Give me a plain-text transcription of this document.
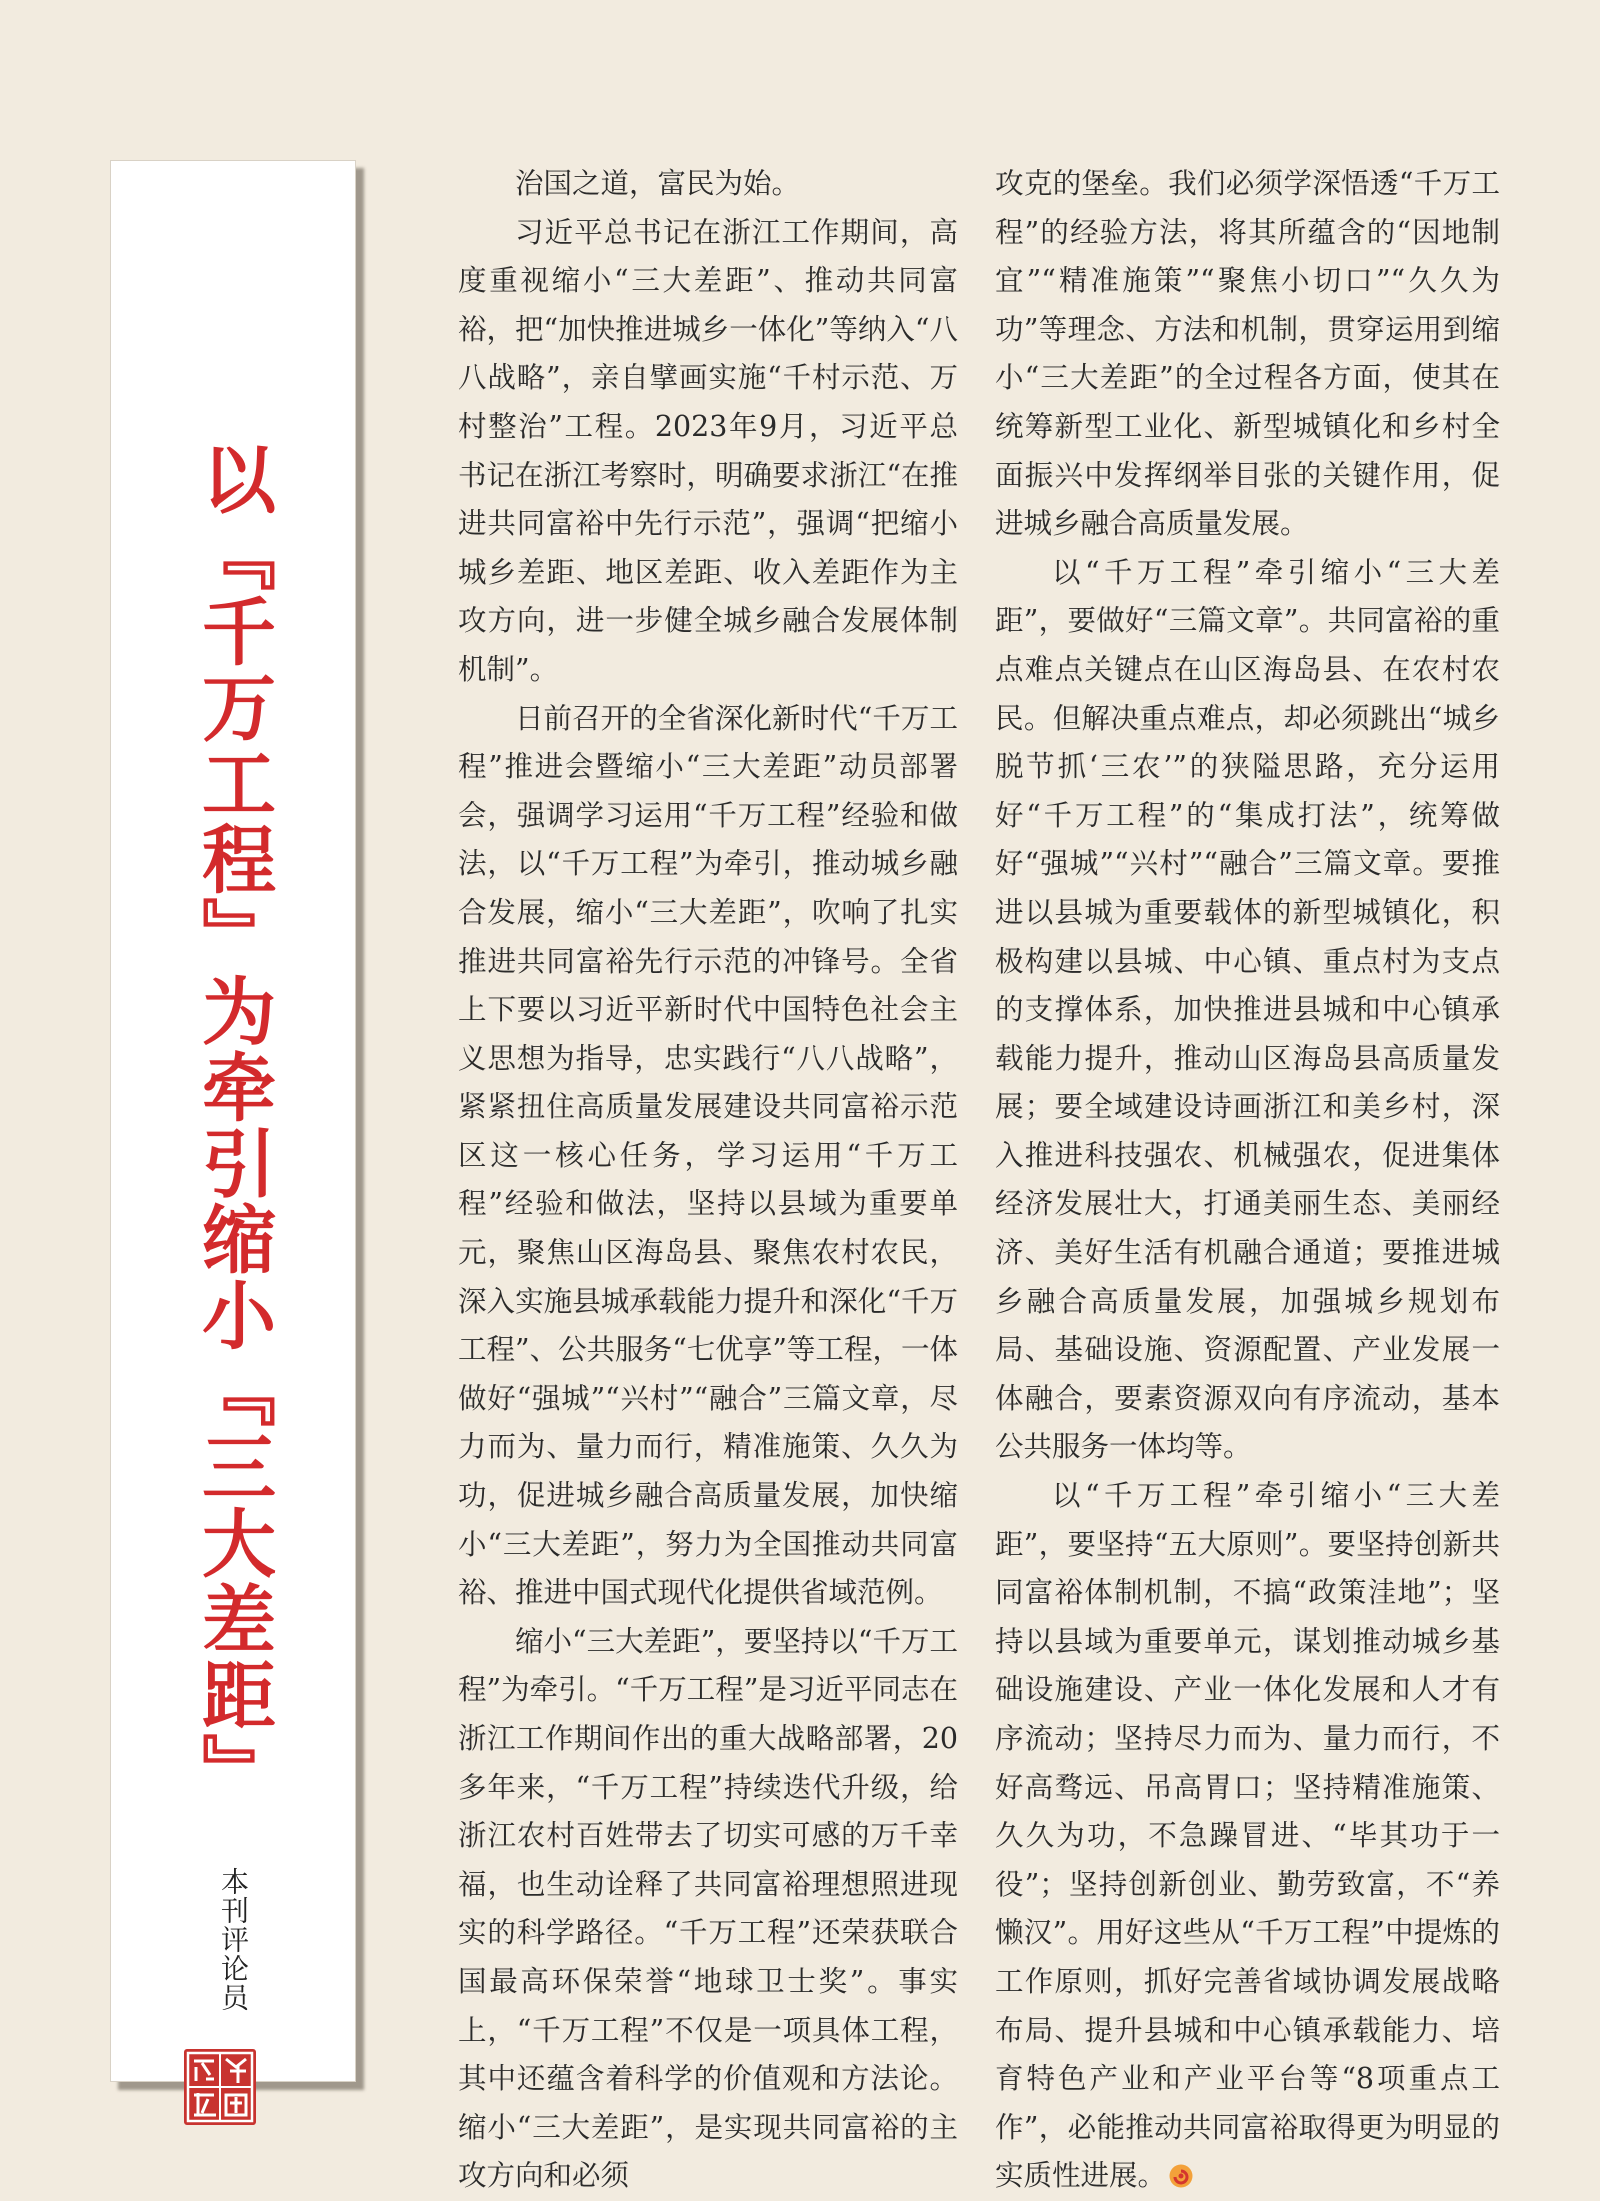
以『千万工程』为牵引缩小『三大差距』
本刊评论员

治国之道，富民为始。

习近平总书记在浙江工作期间，高度重视缩小“三大差距”、推动共同富裕，把“加快推进城乡一体化”等纳入“八八战略”，亲自擘画实施“千村示范、万村整治”工程。2023年9月，习近平总书记在浙江考察时，明确要求浙江“在推进共同富裕中先行示范”，强调“把缩小城乡差距、地区差距、收入差距作为主攻方向，进一步健全城乡融合发展体制机制”。

日前召开的全省深化新时代“千万工程”推进会暨缩小“三大差距”动员部署会，强调学习运用“千万工程”经验和做法，以“千万工程”为牵引，推动城乡融合发展，缩小“三大差距”，吹响了扎实推进共同富裕先行示范的冲锋号。全省上下要以习近平新时代中国特色社会主义思想为指导，忠实践行“八八战略”，紧紧扭住高质量发展建设共同富裕示范区这一核心任务，学习运用“千万工程”经验和做法，坚持以县域为重要单元，聚焦山区海岛县、聚焦农村农民，深入实施县城承载能力提升和深化“千万工程”、公共服务“七优享”等工程，一体做好“强城”“兴村”“融合”三篇文章，尽力而为、量力而行，精准施策、久久为功，促进城乡融合高质量发展，加快缩小“三大差距”，努力为全国推动共同富裕、推进中国式现代化提供省域范例。

缩小“三大差距”，要坚持以“千万工程”为牵引。“千万工程”是习近平同志在浙江工作期间作出的重大战略部署，20多年来，“千万工程”持续迭代升级，给浙江农村百姓带去了切实可感的万千幸福，也生动诠释了共同富裕理想照进现实的科学路径。“千万工程”还荣获联合国最高环保荣誉“地球卫士奖”。事实上，“千万工程”不仅是一项具体工程，其中还蕴含着科学的价值观和方法论。缩小“三大差距”，是实现共同富裕的主攻方向和必须

攻克的堡垒。我们必须学深悟透“千万工程”的经验方法，将其所蕴含的“因地制宜”“精准施策”“聚焦小切口”“久久为功”等理念、方法和机制，贯穿运用到缩小“三大差距”的全过程各方面，使其在统筹新型工业化、新型城镇化和乡村全面振兴中发挥纲举目张的关键作用，促进城乡融合高质量发展。

以“千万工程”牵引缩小“三大差距”，要做好“三篇文章”。共同富裕的重点难点关键点在山区海岛县、在农村农民。但解决重点难点，却必须跳出“城乡脱节抓‘三农’”的狭隘思路，充分运用好“千万工程”的“集成打法”，统筹做好“强城”“兴村”“融合”三篇文章。要推进以县城为重要载体的新型城镇化，积极构建以县城、中心镇、重点村为支点的支撑体系，加快推进县城和中心镇承载能力提升，推动山区海岛县高质量发展；要全域建设诗画浙江和美乡村，深入推进科技强农、机械强农，促进集体经济发展壮大，打通美丽生态、美丽经济、美好生活有机融合通道；要推进城乡融合高质量发展，加强城乡规划布局、基础设施、资源配置、产业发展一体融合，要素资源双向有序流动，基本公共服务一体均等。

以“千万工程”牵引缩小“三大差距”，要坚持“五大原则”。要坚持创新共同富裕体制机制，不搞“政策洼地”；坚持以县域为重要单元，谋划推动城乡基础设施建设、产业一体化发展和人才有序流动；坚持尽力而为、量力而行，不好高骛远、吊高胃口；坚持精准施策、久久为功，不急躁冒进、“毕其功于一役”；坚持创新创业、勤劳致富，不“养懒汉”。用好这些从“千万工程”中提炼的工作原则，抓好完善省域协调发展战略布局、提升县城和中心镇承载能力、培育特色产业和产业平台等“8项重点工作”，必能推动共同富裕取得更为明显的实质性进展。
